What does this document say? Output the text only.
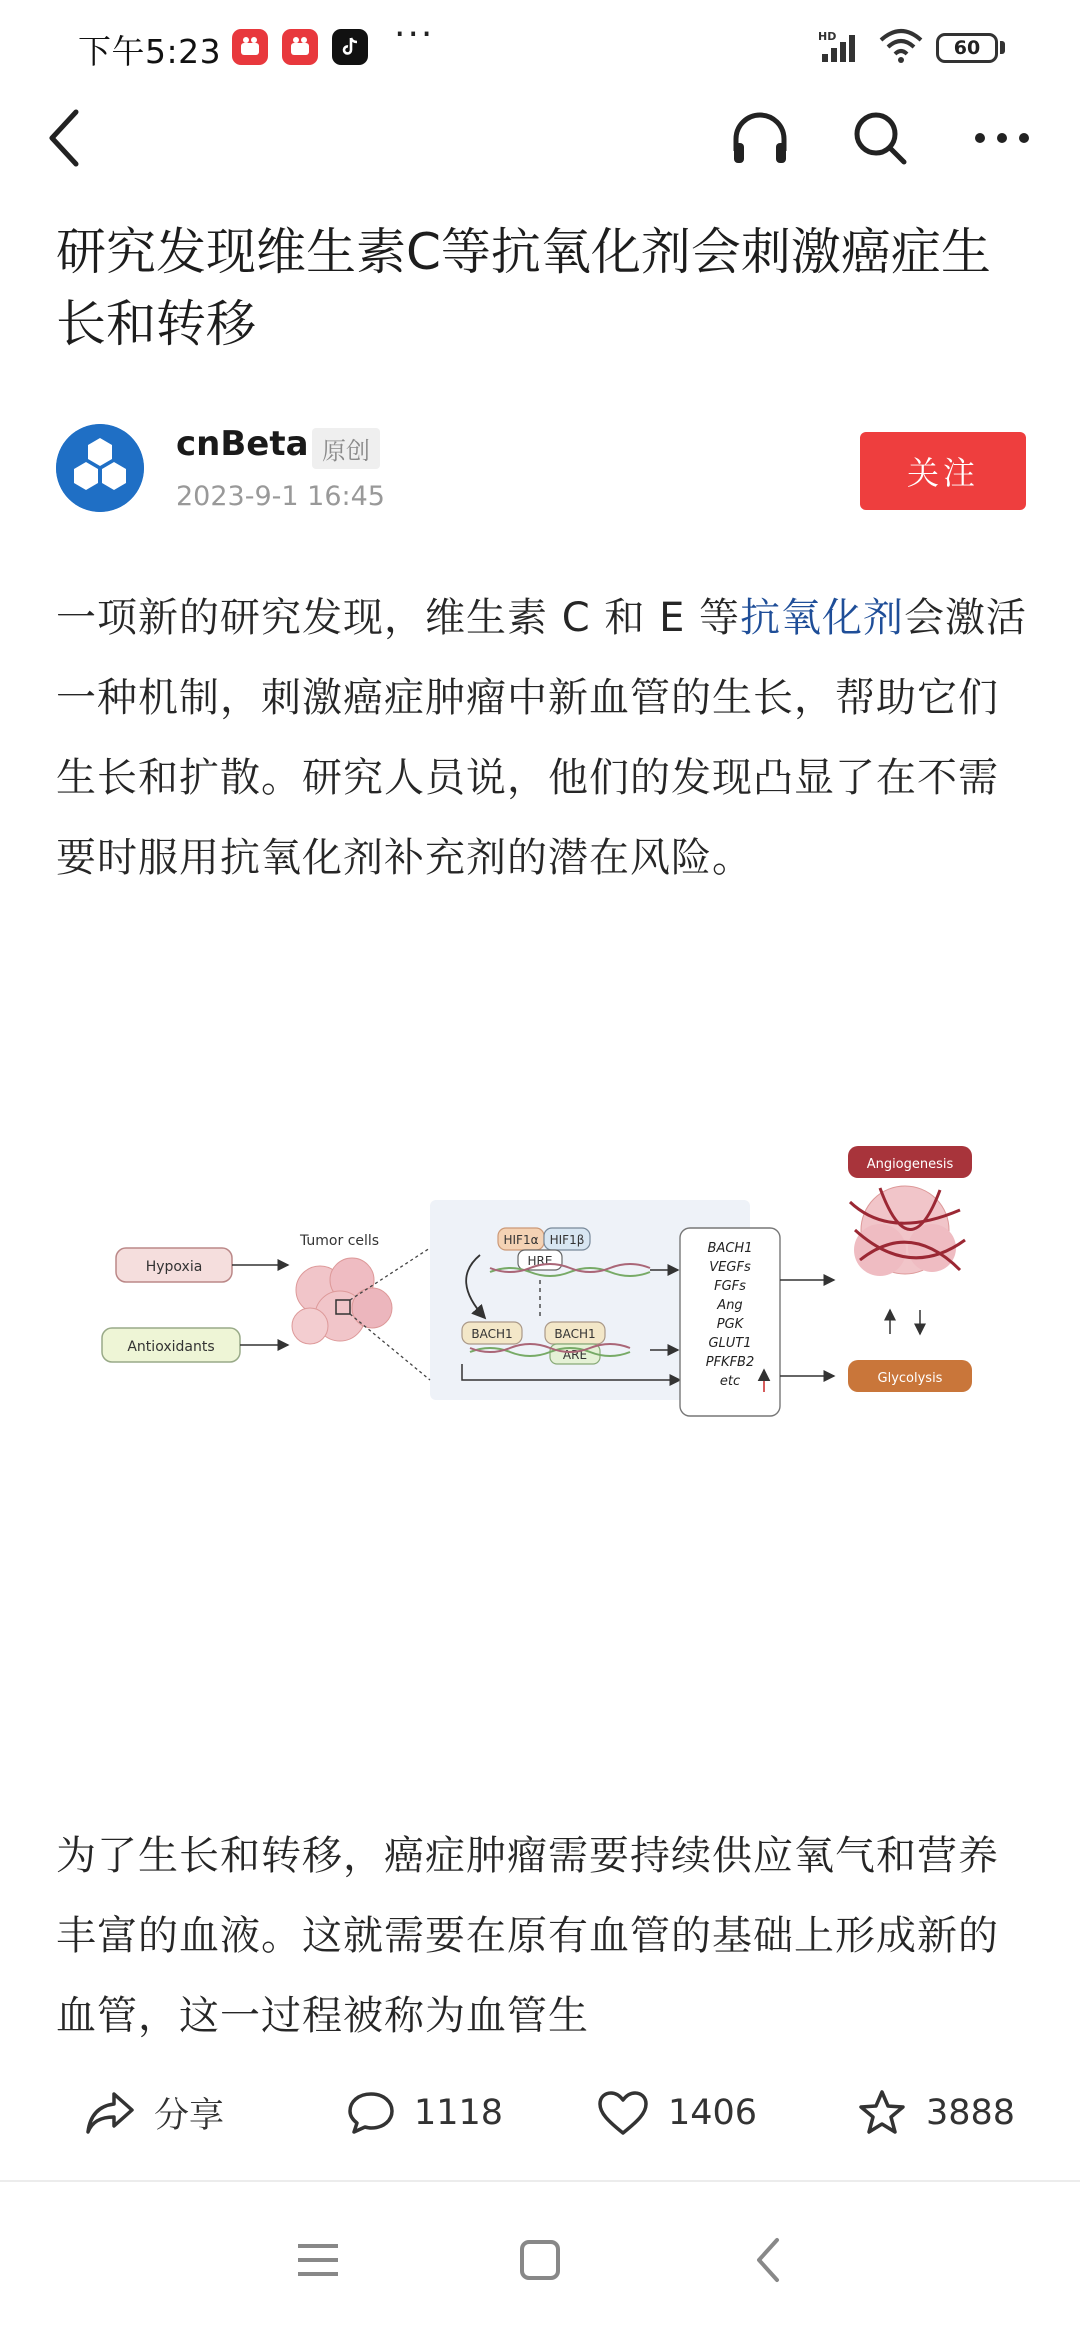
下午5:23	···	HD
60
研究发现维生素C等抗氧化剂会刺激癌症生长和转移
cnBeta 原创
2023-9-1 16:45
关注
一项新的研究发现，维生素 C 和 E 等抗氧化剂会激活一种机制，刺激癌症肿瘤中新血管的生长，帮助它们生长和扩散。研究人员说，他们的发现凸显了在不需要时服用抗氧化剂补充剂的潜在风险。
Hypoxia
Antioxidants
Tumor cells	HIF1α HIF1β
HRE
BACH1	BACH1
ARE
BACH1
VEGFs
FGFs
Ang
PGK
GLUT1
PFKFB2
etc
Angiogenesis
Glycolysis
为了生长和转移，癌症肿瘤需要持续供应氧气和营养丰富的血液。这就需要在原有血管的基础上形成新的血管，这一过程被称为血管生
分享	1118	1406	3888
